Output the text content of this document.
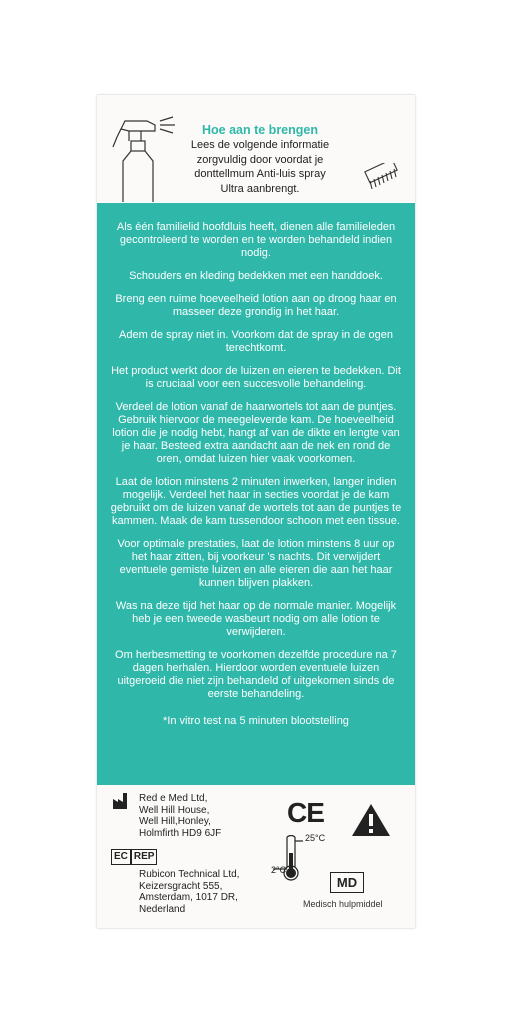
Hoe aan te brengen
Lees de volgende informatie zorgvuldig door voordat je donttellmum Anti-luis spray Ultra aanbrengt.

Als één familielid hoofdluis heeft, dienen alle familieleden gecontroleerd te worden en te worden behandeld indien nodig.

Schouders en kleding bedekken met een handdoek.

Breng een ruime hoeveelheid lotion aan op droog haar en masseer deze grondig in het haar.

Adem de spray niet in. Voorkom dat de spray in de ogen terechtkomt.

Het product werkt door de luizen en eieren te bedekken. Dit is cruciaal voor een succesvolle behandeling.

Verdeel de lotion vanaf de haarwortels tot aan de puntjes. Gebruik hiervoor de meegeleverde kam. De hoeveelheid lotion die je nodig hebt, hangt af van de dikte en lengte van je haar. Besteed extra aandacht aan de nek en rond de oren, omdat luizen hier vaak voorkomen.

Laat de lotion minstens 2 minuten inwerken, langer indien mogelijk. Verdeel het haar in secties voordat je de kam gebruikt om de luizen vanaf de wortels tot aan de puntjes te kammen. Maak de kam tussendoor schoon met een tissue.

Voor optimale prestaties, laat de lotion minstens 8 uur op het haar zitten, bij voorkeur 's nachts. Dit verwijdert eventuele gemiste luizen en alle eieren die aan het haar kunnen blijven plakken.

Was na deze tijd het haar op de normale manier. Mogelijk heb je een tweede wasbeurt nodig om alle lotion te verwijderen.

Om herbesmetting te voorkomen dezelfde procedure na 7 dagen herhalen. Hierdoor worden eventuele luizen uitgeroeid die niet zijn behandeld of uitgekomen sinds de eerste behandeling.

*In vitro test na 5 minuten blootstelling

Red e Med Ltd,
Well Hill House,
Well Hill,Honley,
Holmfirth HD9 6JF
CE
EC REP
Rubicon Technical Ltd,
Keizersgracht 555,
Amsterdam, 1017 DR,
Nederland
25°C
2°C
MD
Medisch hulpmiddel
